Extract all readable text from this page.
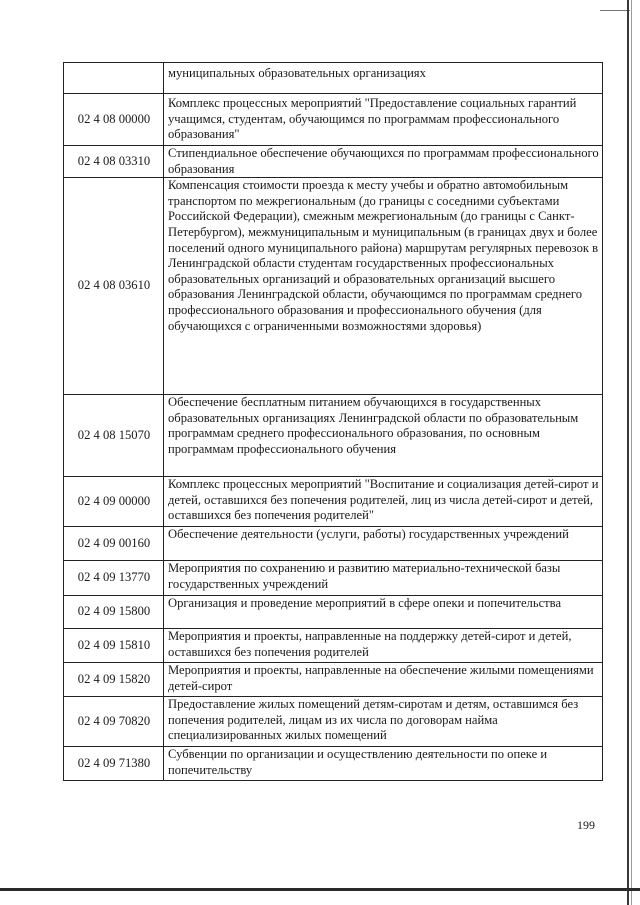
	муниципальных образовательных организациях
02 4 08 00000	Комплекс процессных мероприятий "Предоставление социальных гарантий учащимся, студентам, обучающимся по программам профессионального образования"
02 4 08 03310	Стипендиальное обеспечение обучающихся по программам профессионального образования
02 4 08 03610	Компенсация стоимости проезда к месту учебы и обратно автомобильным транспортом по межрегиональным (до границы с соседними субъектами Российской Федерации), смежным межрегиональным (до границы с Санкт-Петербургом), межмуниципальным и муниципальным (в границах двух и более поселений одного муниципального района) маршрутам регулярных перевозок в Ленинградской области студентам государственных профессиональных образовательных организаций и образовательных организаций высшего образования Ленинградской области, обучающимся по программам среднего профессионального образования и профессионального обучения (для обучающихся с ограниченными возможностями здоровья)
02 4 08 15070	Обеспечение бесплатным питанием обучающихся в государственных образовательных организациях Ленинградской области по образовательным программам среднего профессионального образования, по основным программам профессионального обучения
02 4 09 00000	Комплекс процессных мероприятий "Воспитание и социализация детей-сирот и детей, оставшихся без попечения родителей, лиц из числа детей-сирот и детей, оставшихся без попечения родителей"
02 4 09 00160	Обеспечение деятельности (услуги, работы) государственных учреждений
02 4 09 13770	Мероприятия по сохранению и развитию материально-технической базы государственных учреждений
02 4 09 15800	Организация и проведение мероприятий в сфере опеки и попечительства
02 4 09 15810	Мероприятия и проекты, направленные на поддержку детей-сирот и детей, оставшихся без попечения родителей
02 4 09 15820	Мероприятия и проекты, направленные на обеспечение жилыми помещениями детей-сирот
02 4 09 70820	Предоставление жилых помещений детям-сиротам и детям, оставшимся без попечения родителей, лицам из их числа по договорам найма специализированных жилых помещений
02 4 09 71380	Субвенции по организации и осуществлению деятельности по опеке и попечительству
199
